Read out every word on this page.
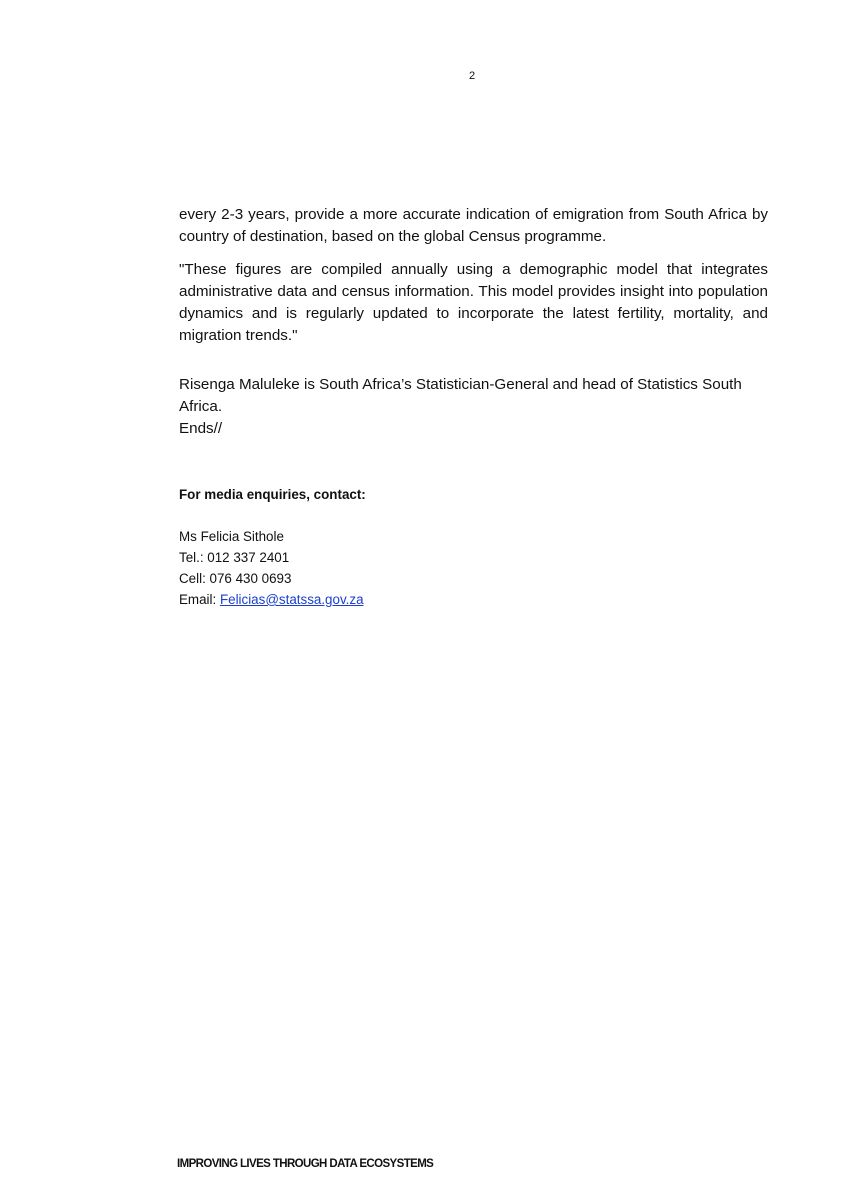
2

every 2-3 years, provide a more accurate indication of emigration from South Africa by country of destination, based on the global Census programme.

"These figures are compiled annually using a demographic model that integrates administrative data and census information. This model provides insight into population dynamics and is regularly updated to incorporate the latest fertility, mortality, and migration trends."

Risenga Maluleke is South Africa’s Statistician-General and head of Statistics South Africa.

Ends//

For media enquiries, contact:
Ms Felicia Sithole
Tel.: 012 337 2401
Cell: 076 430 0693
Email: Felicias@statssa.gov.za
IMPROVING LIVES THROUGH DATA ECOSYSTEMS
